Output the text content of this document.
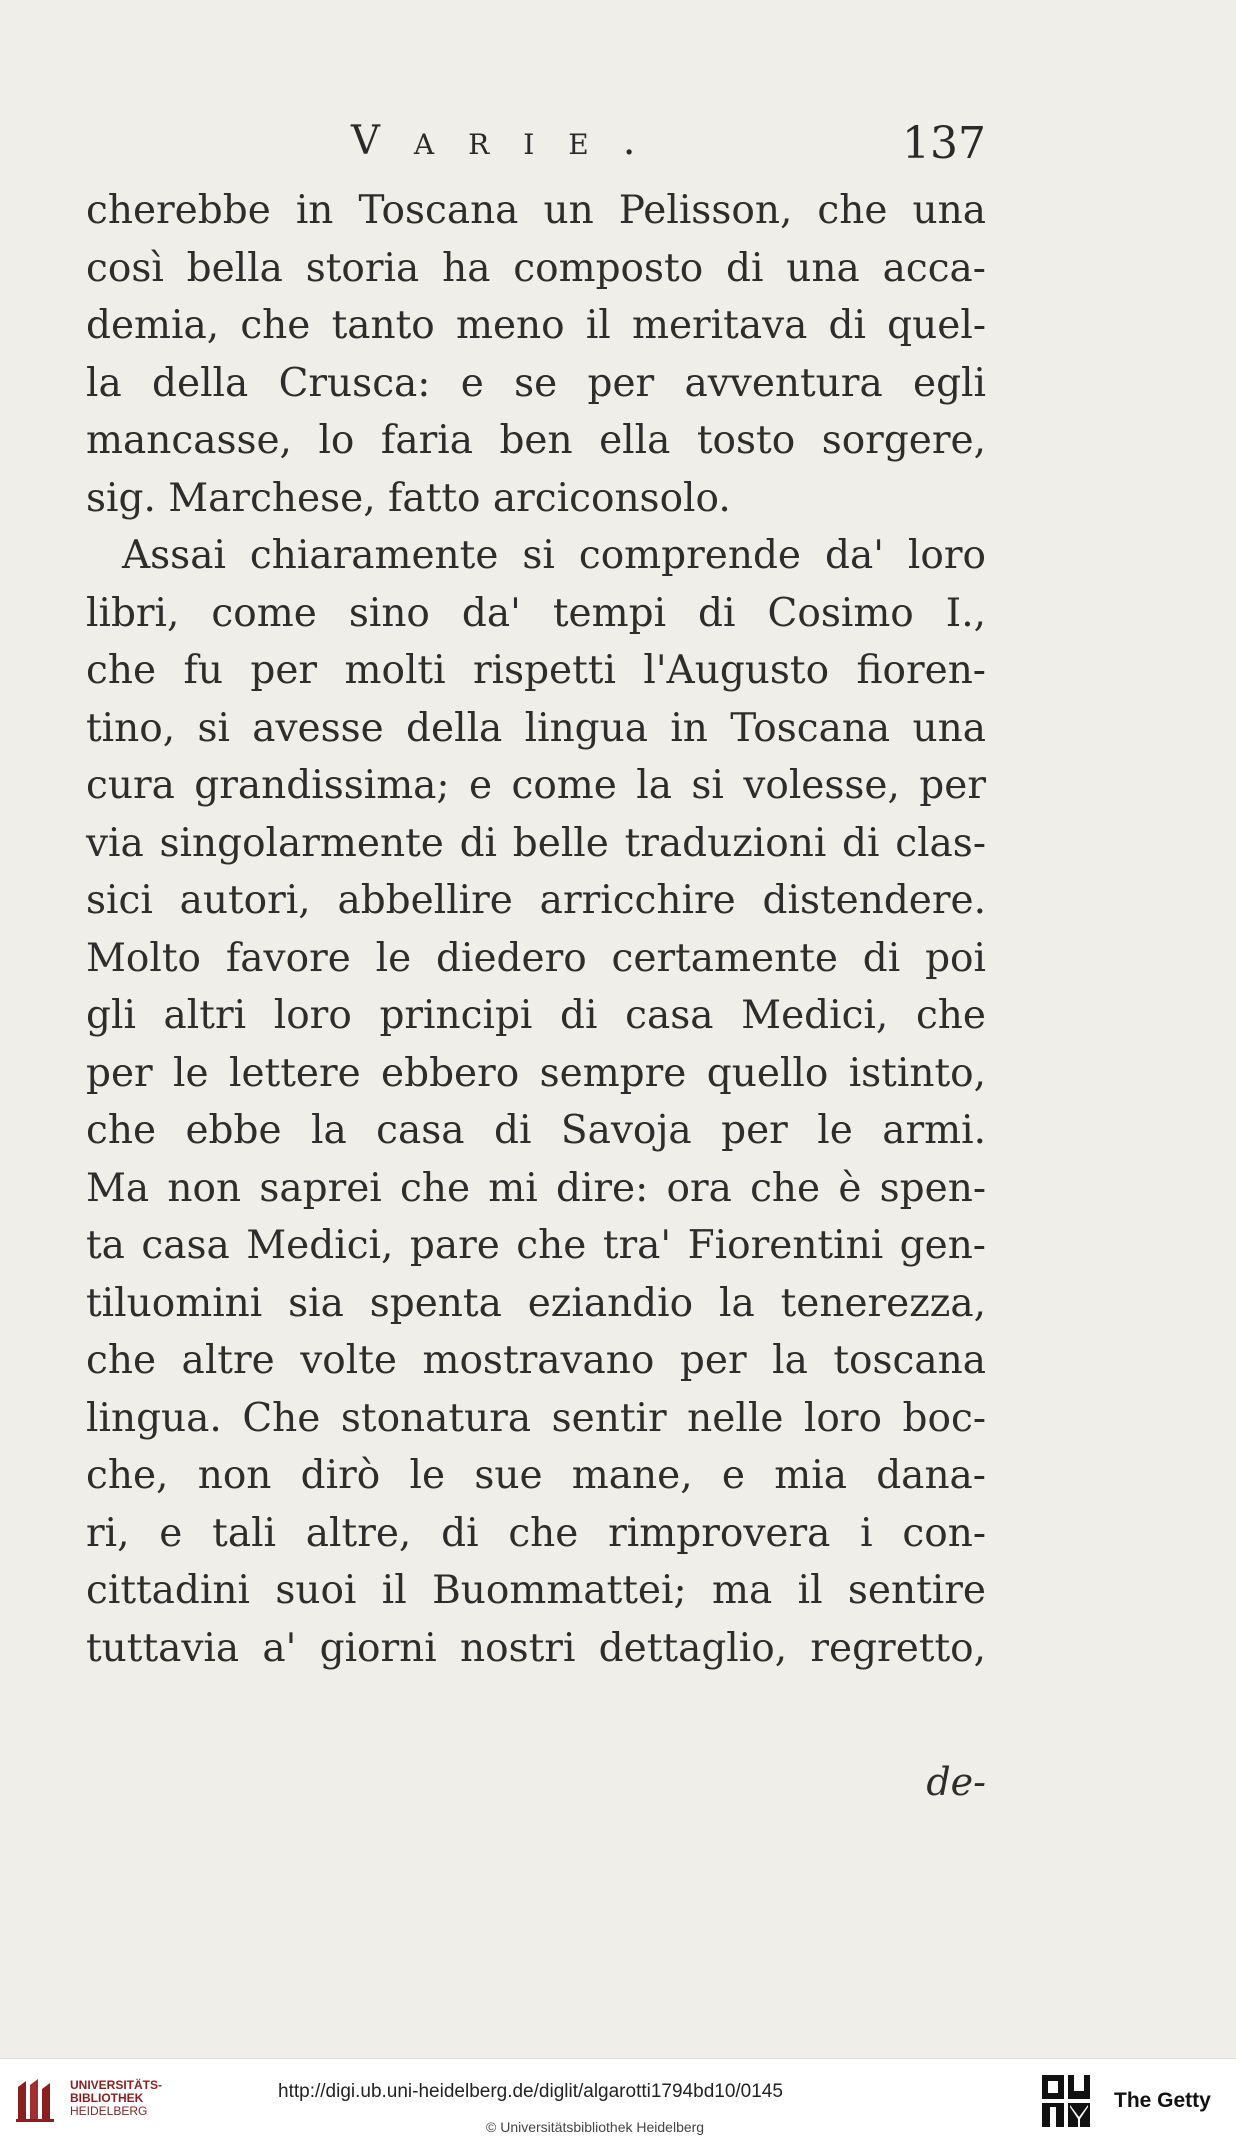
Varie.	137
cherebbe in Toscana un Pelisson, che una
così bella storia ha composto di una acca-
demia, che tanto meno il meritava di quel-
la della Crusca: e se per avventura egli
mancasse, lo faria ben ella tosto sorgere,
sig. Marchese, fatto arciconsolo.
Assai chiaramente si comprende da' loro
libri, come sino da' tempi di Cosimo I.,
che fu per molti rispetti l'Augusto fioren-
tino, si avesse della lingua in Toscana una
cura grandissima; e come la si volesse, per
via singolarmente di belle traduzioni di clas-
sici autori, abbellire arricchire distendere.
Molto favore le diedero certamente di poi
gli altri loro principi di casa Medici, che
per le lettere ebbero sempre quello istinto,
che ebbe la casa di Savoja per le armi.
Ma non saprei che mi dire: ora che è spen-
ta casa Medici, pare che tra' Fiorentini gen-
tiluomini sia spenta eziandio la tenerezza,
che altre volte mostravano per la toscana
lingua. Che stonatura sentir nelle loro boc-
che, non dirò le sue mane, e mia dana-
ri, e tali altre, di che rimprovera i con-
cittadini suoi il Buommattei; ma il sentire
tuttavia a' giorni nostri dettaglio, regretto,
de-
UNIVERSITÄTS-
BIBLIOTHEK
HEIDELBERG
http://digi.ub.uni-heidelberg.de/diglit/algarotti1794bd10/0145
© Universitätsbibliothek Heidelberg
The Getty
